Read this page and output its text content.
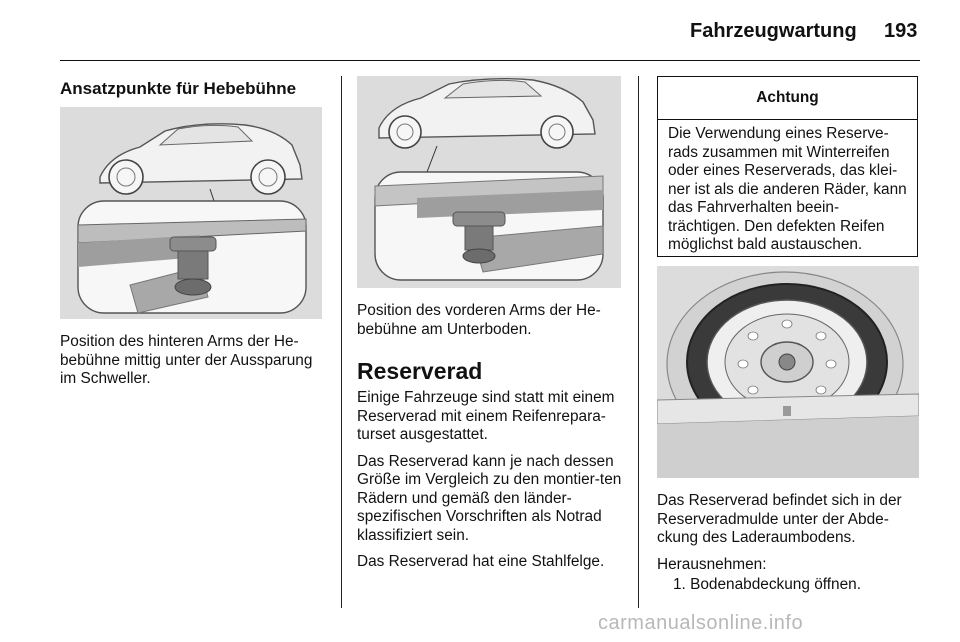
Fahrzeugwartung 193
Ansatzpunkte für Hebebühne
Position des hinteren Arms der He-bebühne mittig unter der Aussparung im Schweller.
Position des vorderen Arms der He-bebühne am Unterboden.
Reserverad

Einige Fahrzeuge sind statt mit einem Reserverad mit einem Reifenrepara-turset ausgestattet.

Das Reserverad kann je nach dessen Größe im Vergleich zu den montier-ten Rädern und gemäß den länder-spezifischen Vorschriften als Notrad klassifiziert sein.

Das Reserverad hat eine Stahlfelge.

Achtung
Die Verwendung eines Reserve-rads zusammen mit Winterreifen oder eines Reserverads, das klei-ner ist als die anderen Räder, kann das Fahrverhalten beein-trächtigen. Den defekten Reifen möglichst bald austauschen.

Das Reserverad befindet sich in der Reserveradmulde unter der Abde-ckung des Laderaumbodens.

Herausnehmen:

1. Bodenabdeckung öffnen.
carmanualsonline.info
